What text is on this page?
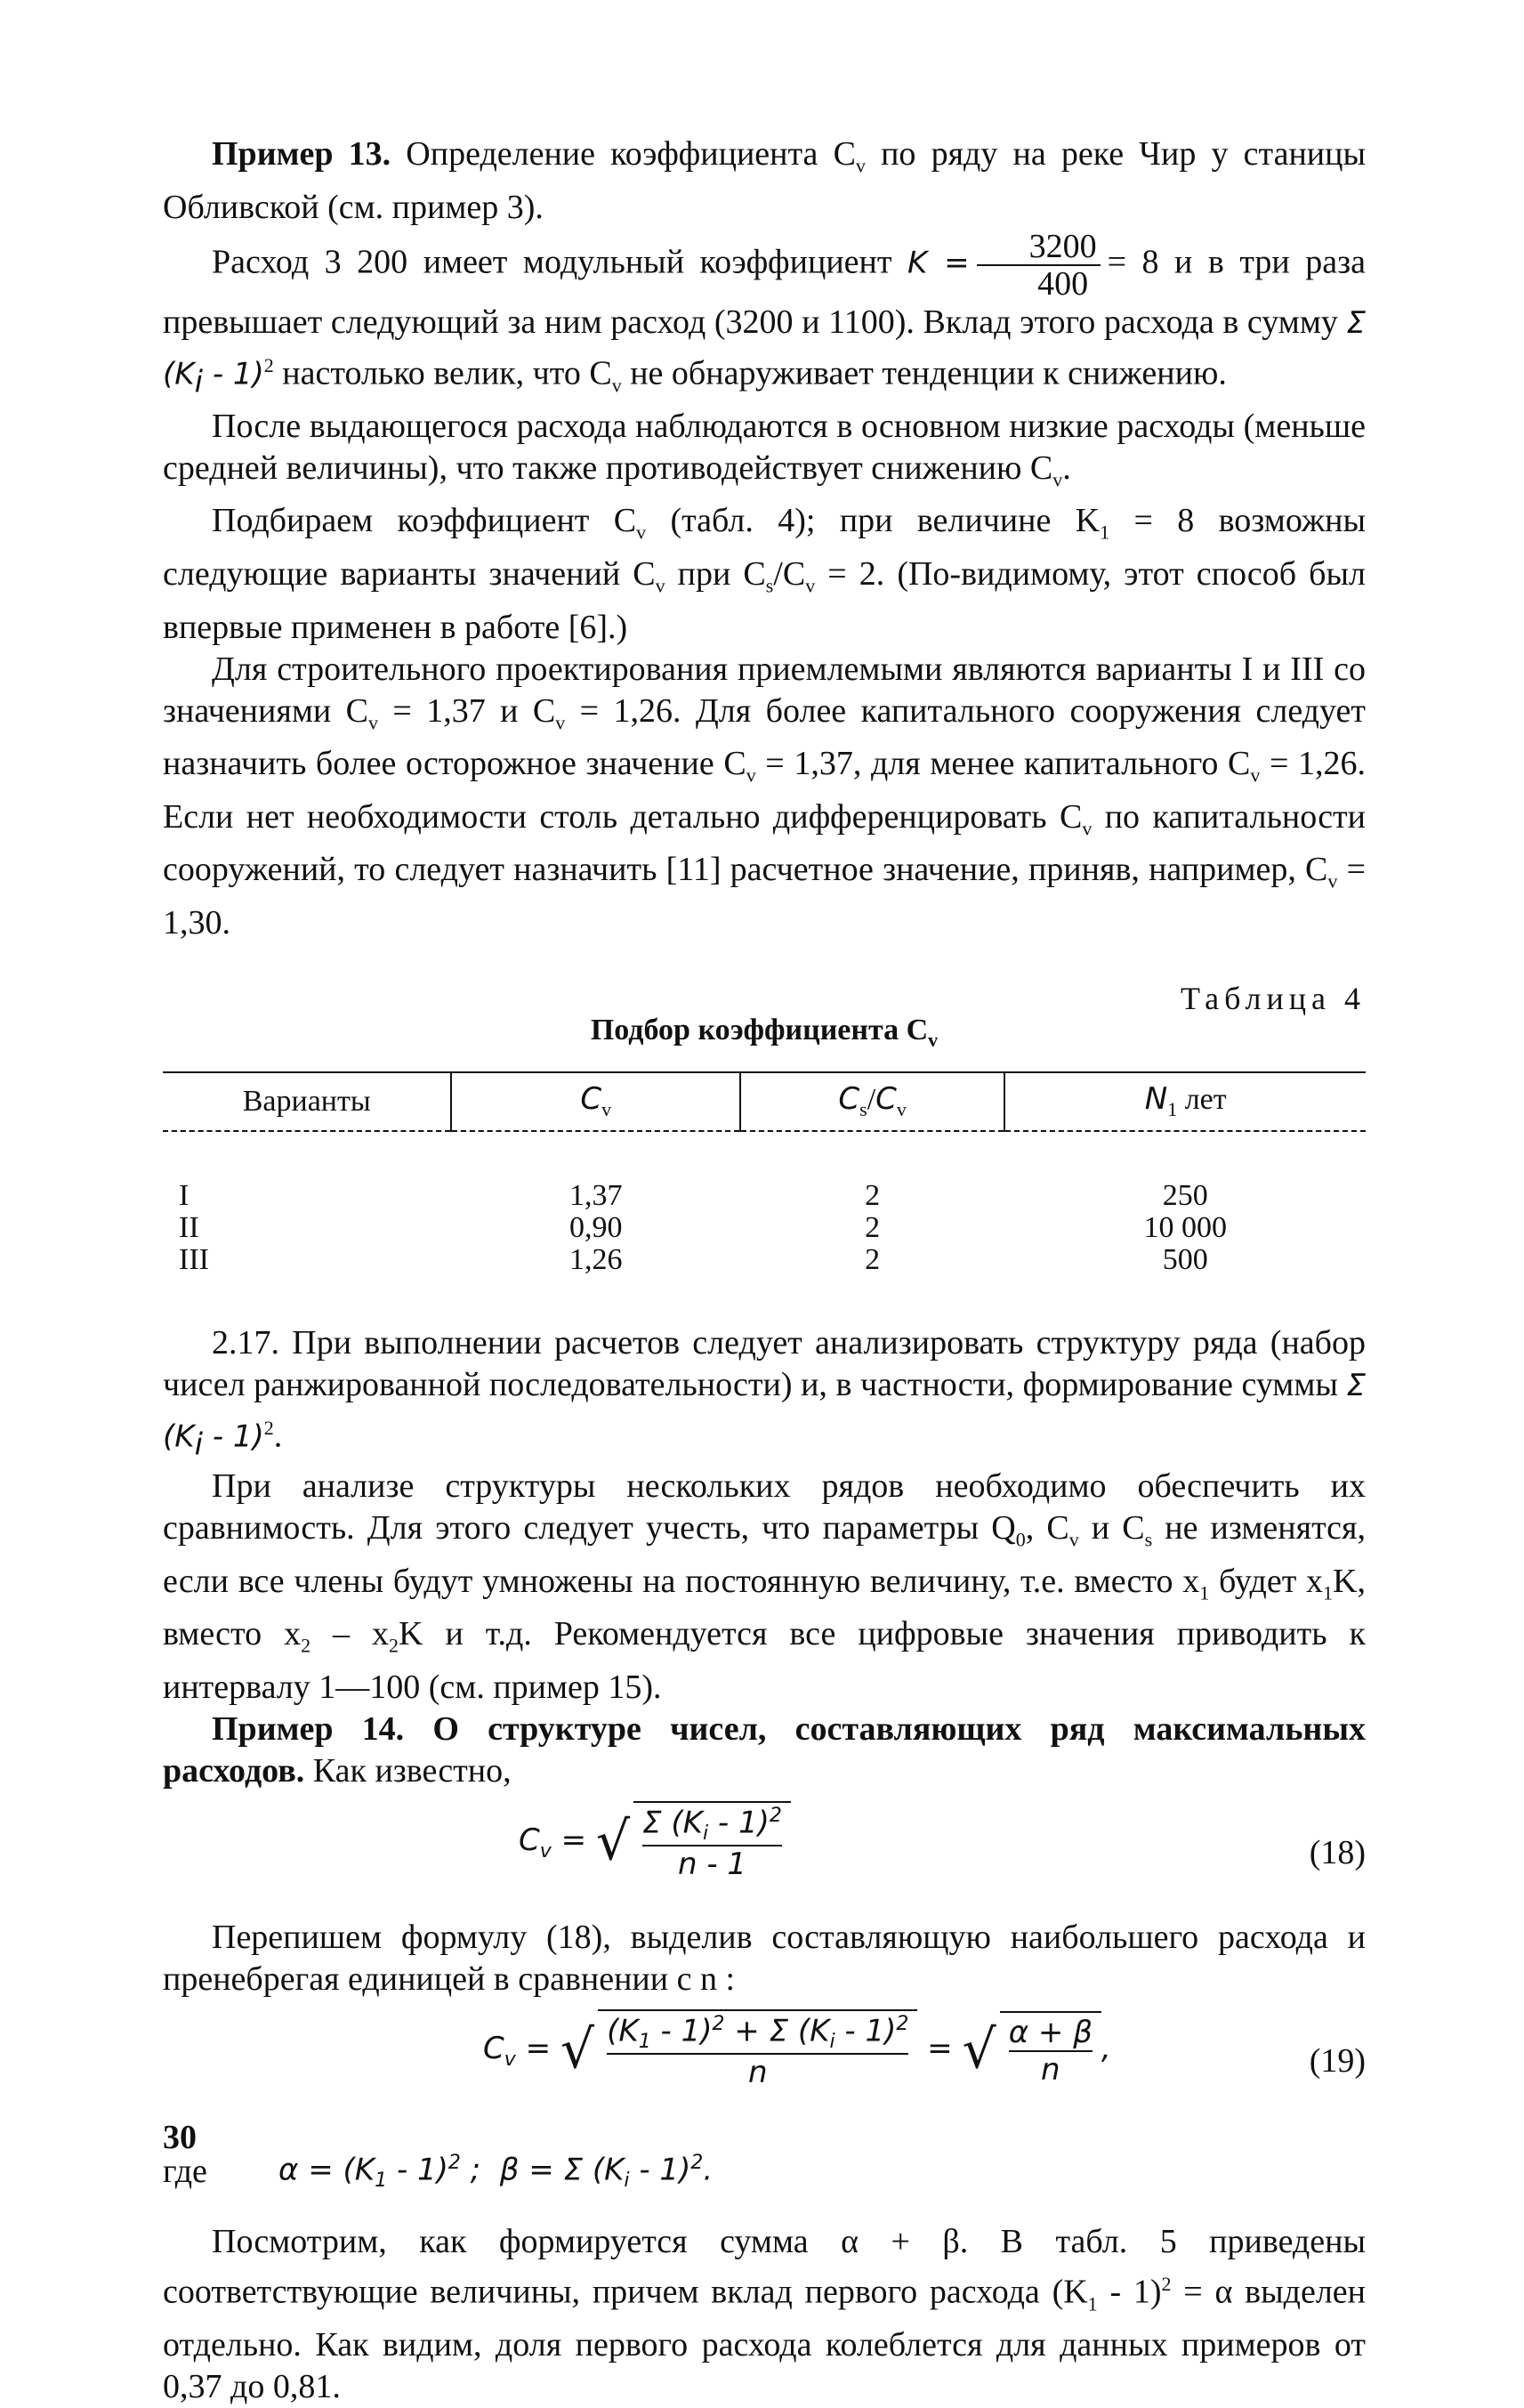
Пример 13. Определение коэффициента $C_v$ по ряду на реке Чир у станицы Обливской (см. пример 3).

Расход 3 200 имеет модульный коэффициент $K = \frac{3200}{400} = 8$ и в три раза превышает следующий за ним расход (3200 и 1100). Вклад этого расхода в сумму Σ $(K_i - 1)^2$ настолько велик, что $C_v$ не обнаруживает тенденции к снижению.

После выдающегося расхода наблюдаются в основном низкие расходы (меньше средней величины), что также противодействует снижению $C_v$.

Подбираем коэффициент $C_v$ (табл. 4); при величине $K_1 = 8$ возможны следующие варианты значений $C_v$ при $C_s/C_v = 2$. (По-видимому, этот способ был впервые применен в работе [6].)

Для строительного проектирования приемлемыми являются варианты I и III со значениями $C_v = 1,37$ и $C_v = 1,26$. Для более капитального сооружения следует назначить более осторожное значение $C_v = 1,37$, для менее капитального $C_v = 1,26$. Если нет необходимости столь детально дифференцировать $C_v$ по капитальности сооружений, то следует назначить [11] расчетное значение, приняв, например, $C_v = 1,30$.

Таблица 4
Подбор коэффициента $C_v$
Варианты	$C_v$	$C_s/C_v$	$N_1$ лет
I	1,37	2	250
II	0,90	2	10 000
III	1,26	2	500

2.17. При выполнении расчетов следует анализировать структуру ряда (набор чисел ранжированной последовательности) и, в частности, формирование суммы Σ $(K_i - 1)^2$.

При анализе структуры нескольких рядов необходимо обеспечить их сравнимость. Для этого следует учесть, что параметры $Q_0$, $C_v$ и $C_s$ не изменятся, если все члены будут умножены на постоянную величину, т.е. вместо $x_1$ будет $x_1K$, вместо $x_2 - x_2K$ и т.д. Рекомендуется все цифровые значения приводить к интервалу 1—100 (см. пример 15).

Пример 14. О структуре чисел, составляющих ряд максимальных расходов. Как известно,

$C_v$ = √ $\frac{\Sigma (K_i - 1)^2}{n - 1}$	(18)

Перепишем формулу (18), выделив составляющую наибольшего расхода и пренебрегая единицей в сравнении с n :

$C_v$ = √ $\frac{(K_1 - 1)^2 + \Sigma (K_i - 1)^2}{n}$ = √ $\frac{\alpha + \beta}{n}$ ,	(19)
где $\alpha = (K_1 - 1)^2$ ; β = Σ $(K_i - 1)^2$.

Посмотрим, как формируется сумма α + β. В табл. 5 приведены соответствующие величины, причем вклад первого расхода $(K_1 - 1)^2 = \alpha$ выделен отдельно. Как видим, доля первого расхода колеблется для данных примеров от 0,37 до 0,81.

30
